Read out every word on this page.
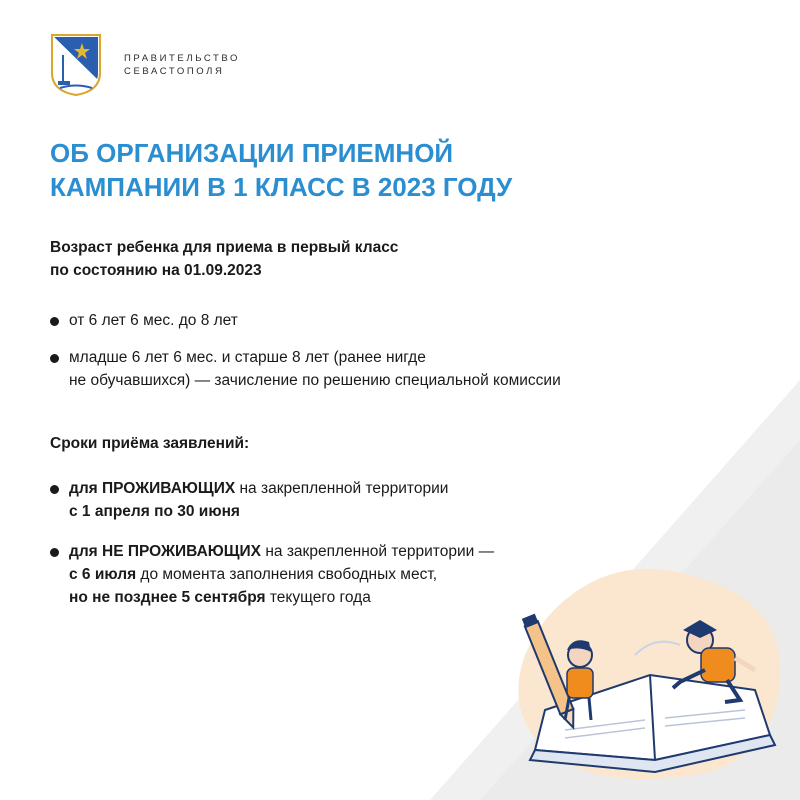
ПРАВИТЕЛЬСТВО
СЕВАСТОПОЛЯ
ОБ ОРГАНИЗАЦИИ ПРИЕМНОЙ
КАМПАНИИ В 1 КЛАСС В 2023 ГОДУ
Возраст ребенка для приема в первый класс
по состоянию на 01.09.2023
от 6 лет 6 мес. до 8 лет
младше 6 лет 6 мес. и старше 8 лет (ранее нигде
не обучавшихся) — зачисление по решению специальной комиссии
Сроки приёма заявлений:
для ПРОЖИВАЮЩИХ на закрепленной территории
с 1 апреля по 30 июня
для НЕ ПРОЖИВАЮЩИХ на закрепленной территории —
с 6 июля до момента заполнения свободных мест,
но не позднее 5 сентября текущего года
